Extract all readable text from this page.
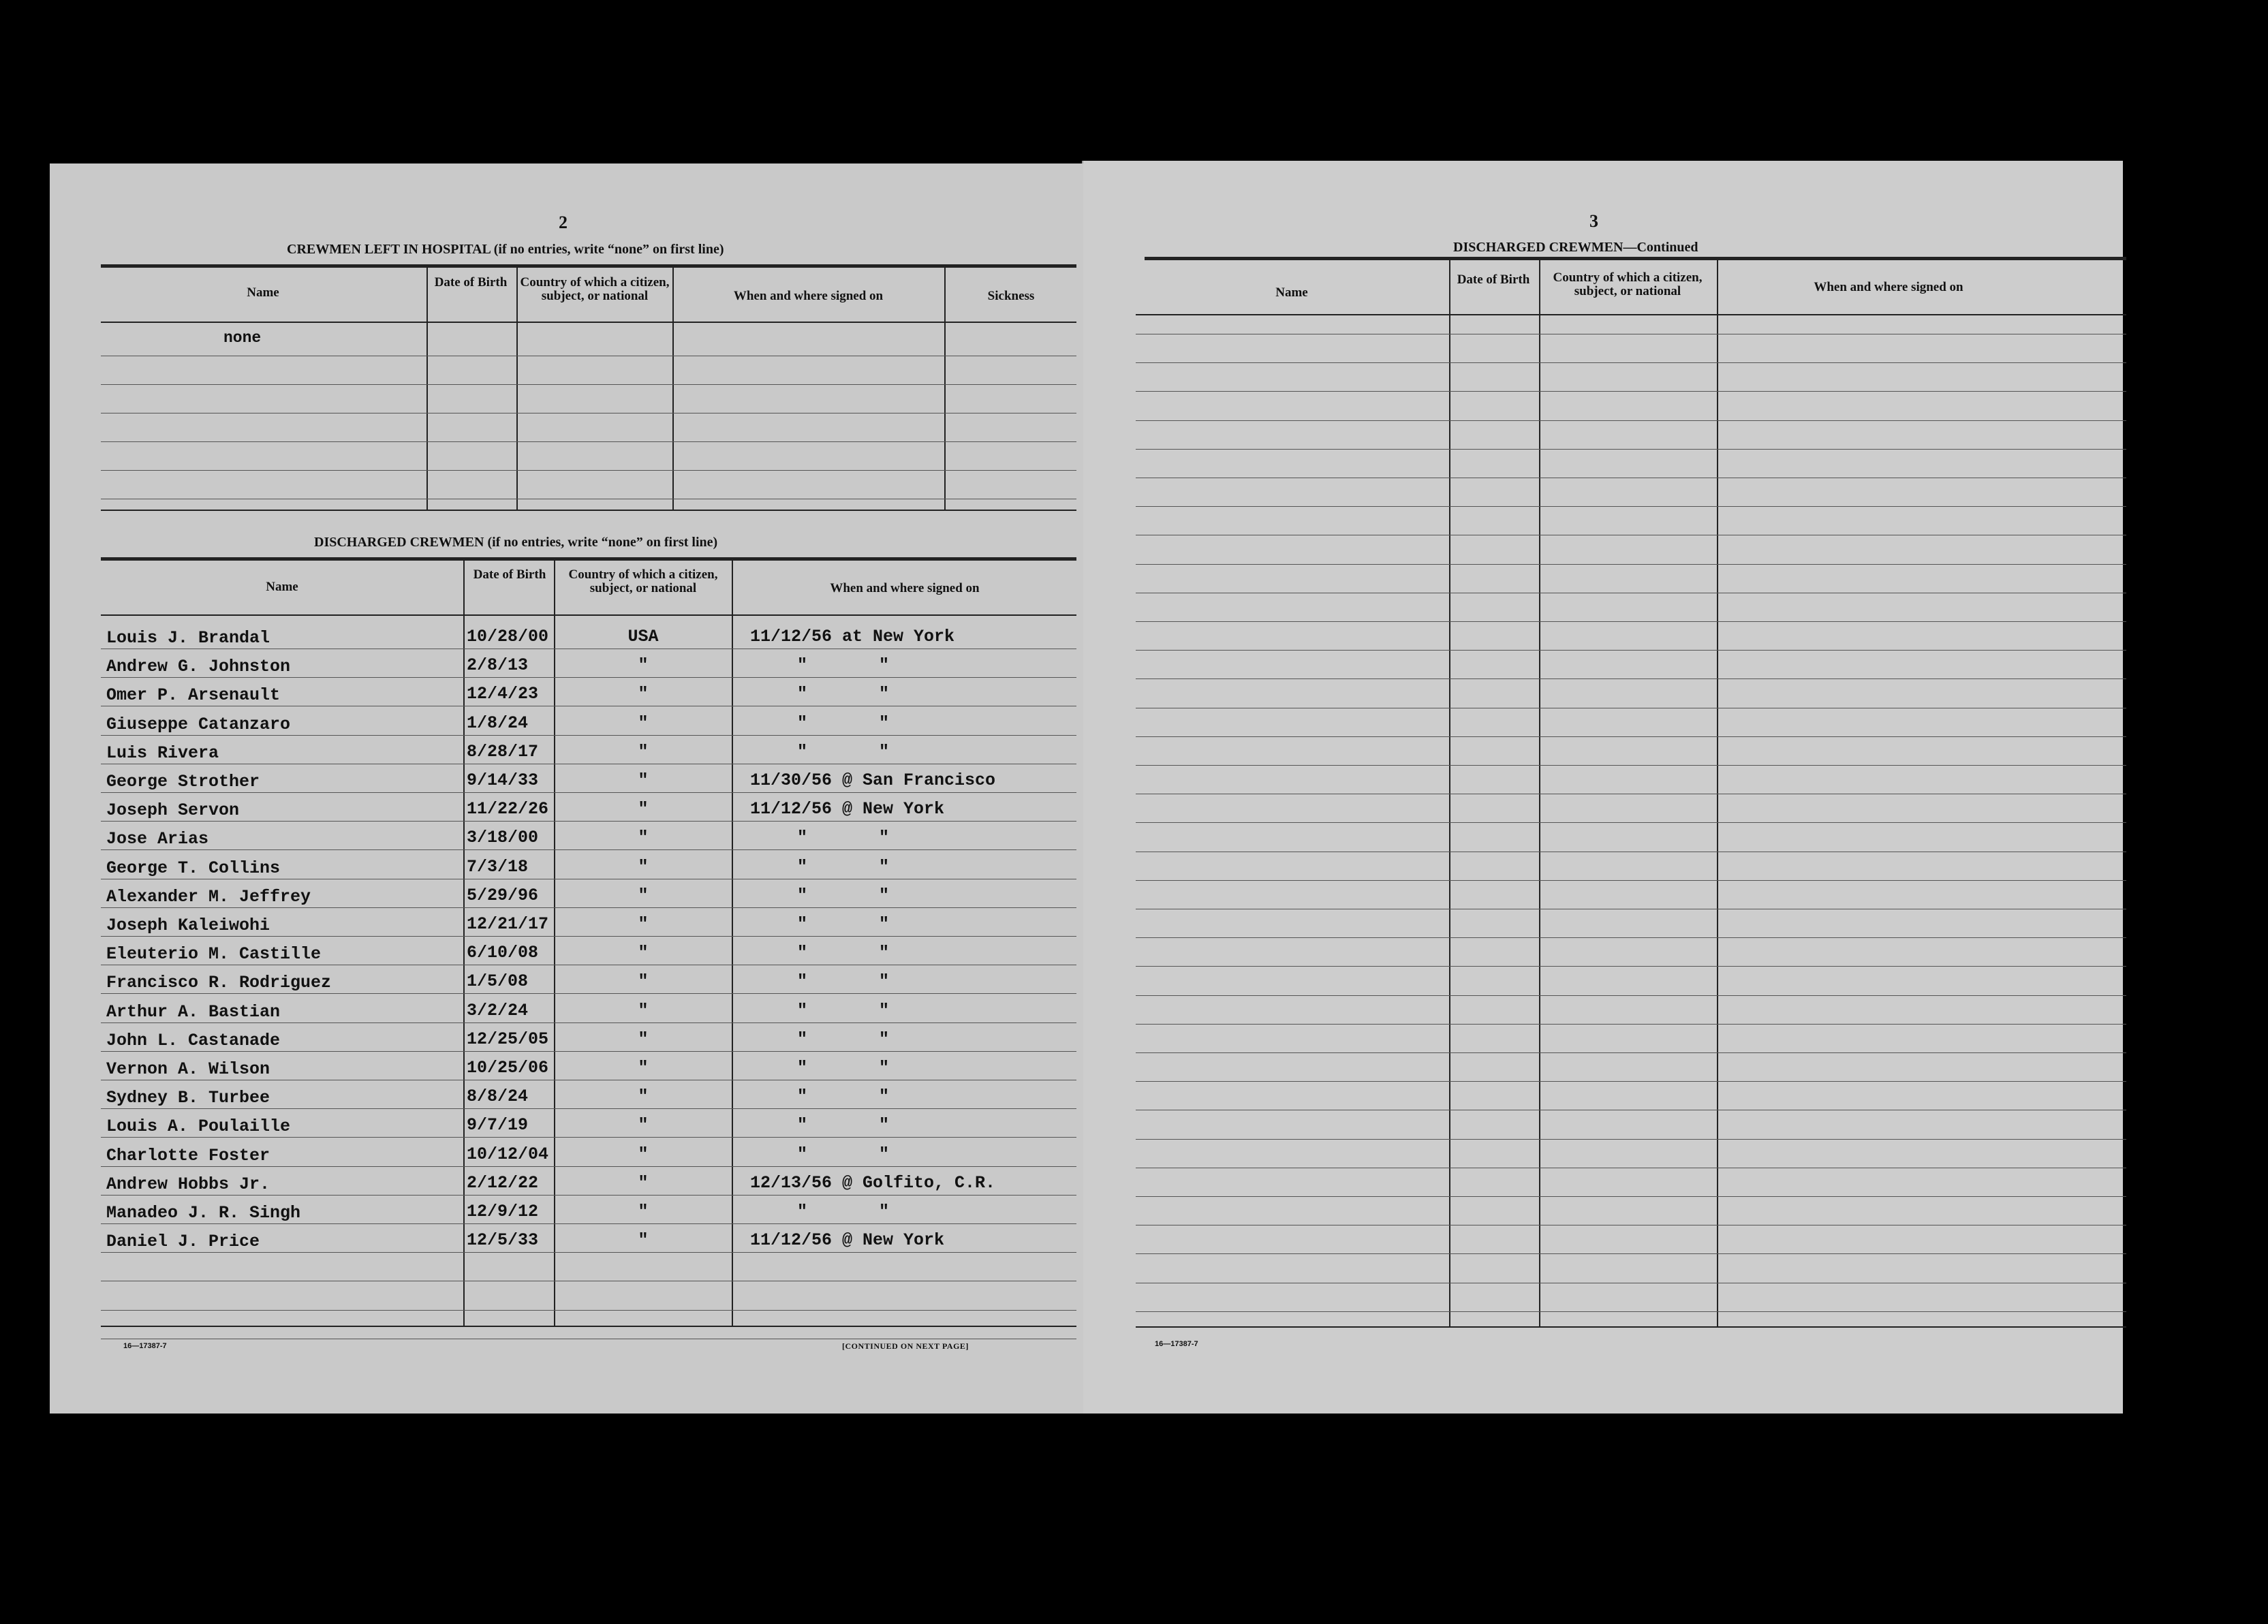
2
CREWMEN LEFT IN HOSPITAL (if no entries, write “none” on first line)
Name
Date of Birth	Country of which a citizen, subject, or national	When and where signed on	Sickness
none
DISCHARGED CREWMEN (if no entries, write “none” on first line)
Name
Date of Birth	Country of which a citizen, subject, or national	When and where signed on
Louis J. Brandal	10/28/00	USA	11/12/56 at New York
Andrew G. Johnston	2/8/13	"	"       "
Omer P. Arsenault	12/4/23	"	"       "
Giuseppe Catanzaro	1/8/24	"	"       "
Luis Rivera	8/28/17	"	"       "
George Strother	9/14/33	"	11/30/56 @ San Francisco
Joseph Servon	11/22/26	"	11/12/56 @ New York
Jose Arias	3/18/00	"	"       "
George T. Collins	7/3/18	"	"       "
Alexander M. Jeffrey	5/29/96	"	"       "
Joseph Kaleiwohi	12/21/17	"	"       "
Eleuterio M. Castille	6/10/08	"	"       "
Francisco R. Rodriguez	1/5/08	"	"       "
Arthur A. Bastian	3/2/24	"	"       "
John L. Castanade	12/25/05	"	"       "
Vernon A. Wilson	10/25/06	"	"       "
Sydney B. Turbee	8/8/24	"	"       "
Louis A. Poulaille	9/7/19	"	"       "
Charlotte Foster	10/12/04	"	"       "
Andrew Hobbs Jr.	2/12/22	"	12/13/56 @ Golfito, C.R.
Manadeo J. R. Singh	12/9/12	"	"       "
Daniel J. Price	12/5/33	"	11/12/56 @ New York
16—17387-7	[CONTINUED ON NEXT PAGE]
3
DISCHARGED CREWMEN—Continued
Name
Date of Birth	Country of which a citizen, subject, or national	When and where signed on
16—17387-7
